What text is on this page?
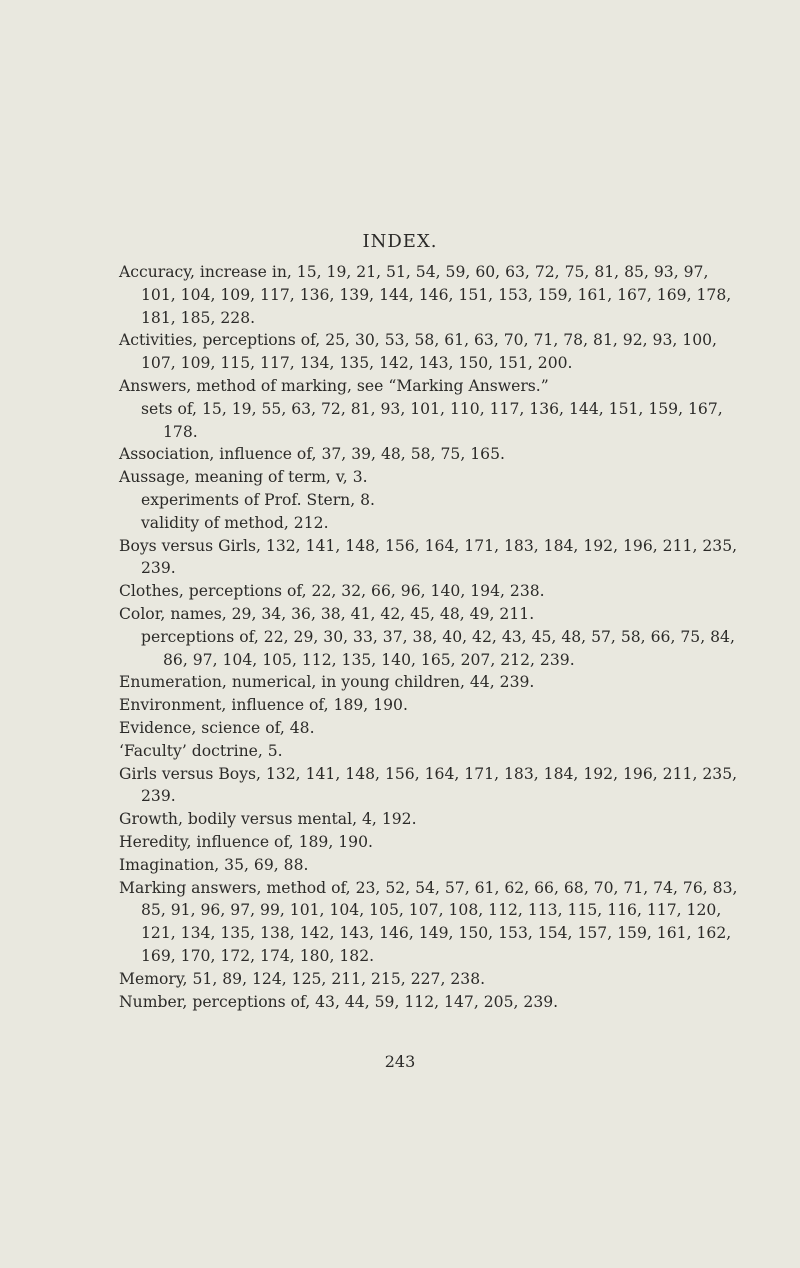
INDEX.

Accuracy, increase in, 15, 19, 21, 51, 54, 59, 60, 63, 72, 75, 81, 85, 93, 97, 101, 104, 109, 117, 136, 139, 144, 146, 151, 153, 159, 161, 167, 169, 178, 181, 185, 228.

Activities, perceptions of, 25, 30, 53, 58, 61, 63, 70, 71, 78, 81, 92, 93, 100, 107, 109, 115, 117, 134, 135, 142, 143, 150, 151, 200.

Answers, method of marking, see “Marking Answers.”

sets of, 15, 19, 55, 63, 72, 81, 93, 101, 110, 117, 136, 144, 151, 159, 167, 178.

Association, influence of, 37, 39, 48, 58, 75, 165.

Aussage, meaning of term, v, 3.

experiments of Prof. Stern, 8.

validity of method, 212.

Boys versus Girls, 132, 141, 148, 156, 164, 171, 183, 184, 192, 196, 211, 235, 239.

Clothes, perceptions of, 22, 32, 66, 96, 140, 194, 238.

Color, names, 29, 34, 36, 38, 41, 42, 45, 48, 49, 211.

perceptions of, 22, 29, 30, 33, 37, 38, 40, 42, 43, 45, 48, 57, 58, 66, 75, 84, 86, 97, 104, 105, 112, 135, 140, 165, 207, 212, 239.

Enumeration, numerical, in young children, 44, 239.

Environment, influence of, 189, 190.

Evidence, science of, 48.

‘Faculty’ doctrine, 5.

Girls versus Boys, 132, 141, 148, 156, 164, 171, 183, 184, 192, 196, 211, 235, 239.

Growth, bodily versus mental, 4, 192.

Heredity, influence of, 189, 190.

Imagination, 35, 69, 88.

Marking answers, method of, 23, 52, 54, 57, 61, 62, 66, 68, 70, 71, 74, 76, 83, 85, 91, 96, 97, 99, 101, 104, 105, 107, 108, 112, 113, 115, 116, 117, 120, 121, 134, 135, 138, 142, 143, 146, 149, 150, 153, 154, 157, 159, 161, 162, 169, 170, 172, 174, 180, 182.

Memory, 51, 89, 124, 125, 211, 215, 227, 238.

Number, perceptions of, 43, 44, 59, 112, 147, 205, 239.

243
